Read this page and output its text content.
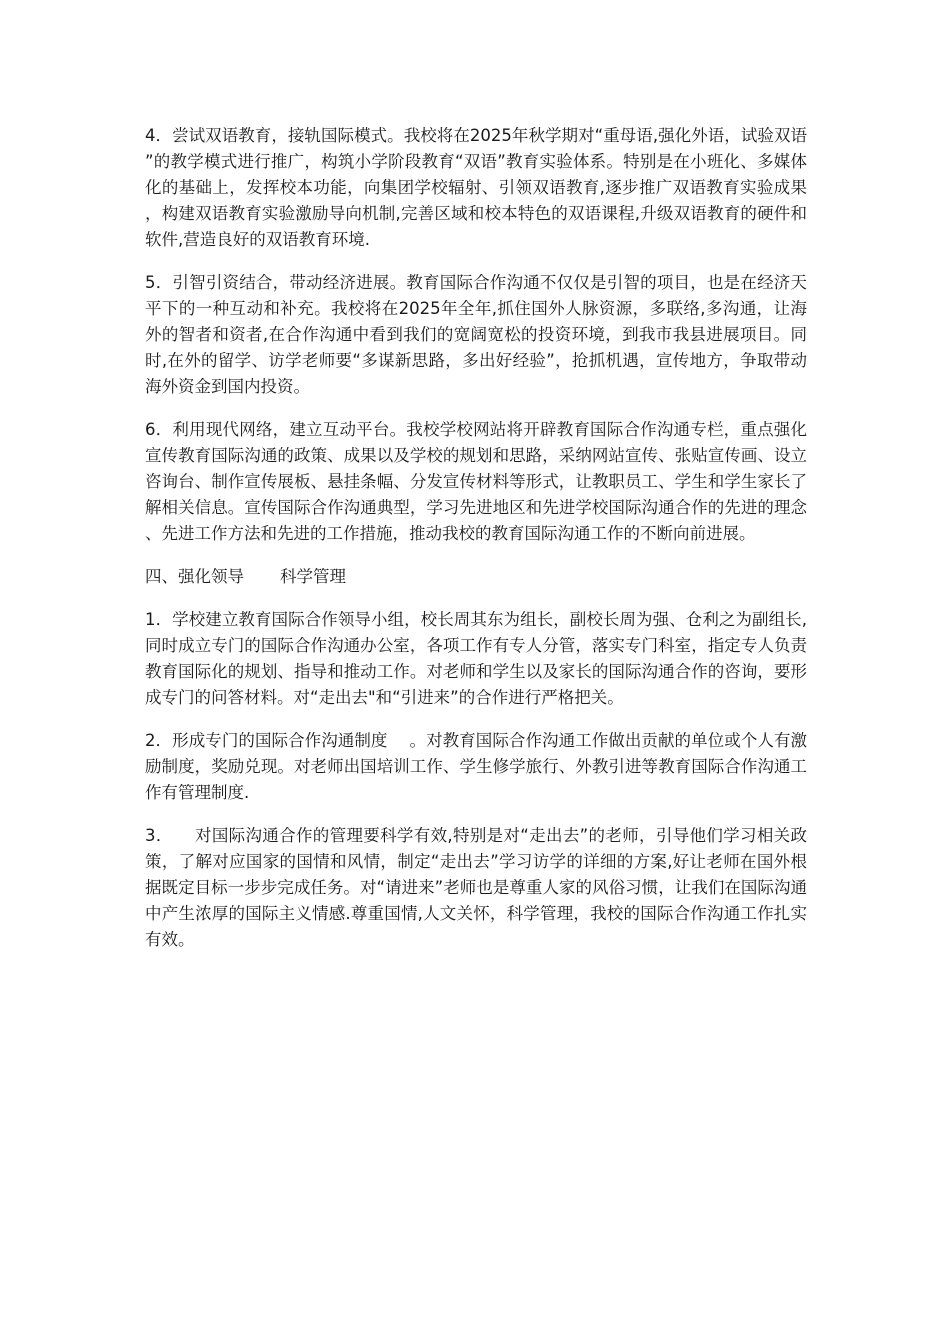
4．尝试双语教育，接轨国际模式。我校将在2025年秋学期对“重母语,强化外语，试验双语”的教学模式进行推广，构筑小学阶段教育“双语”教育实验体系。特别是在小班化、多媒体化的基础上，发挥校本功能，向集团学校辐射、引领双语教育,逐步推广双语教育实验成果，构建双语教育实验激励导向机制,完善区域和校本特色的双语课程,升级双语教育的硬件和软件,营造良好的双语教育环境.

5．引智引资结合，带动经济进展。教育国际合作沟通不仅仅是引智的项目，也是在经济天平下的一种互动和补充。我校将在2025年全年,抓住国外人脉资源，多联络,多沟通，让海外的智者和资者,在合作沟通中看到我们的宽阔宽松的投资环境，到我市我县进展项目。同时,在外的留学、访学老师要“多谋新思路，多出好经验”，抢抓机遇，宣传地方，争取带动海外资金到国内投资。

6．利用现代网络，建立互动平台。我校学校网站将开辟教育国际合作沟通专栏，重点强化宣传教育国际沟通的政策、成果以及学校的规划和思路，采纳网站宣传、张贴宣传画、设立咨询台、制作宣传展板、悬挂条幅、分发宣传材料等形式，让教职员工、学生和学生家长了解相关信息。宣传国际合作沟通典型，学习先进地区和先进学校国际沟通合作的先进的理念、先进工作方法和先进的工作措施，推动我校的教育国际沟通工作的不断向前进展。

四、强化领导 科学管理

1．学校建立教育国际合作领导小组，校长周其东为组长，副校长周为强、仓利之为副组长,同时成立专门的国际合作沟通办公室，各项工作有专人分管，落实专门科室，指定专人负责教育国际化的规划、指导和推动工作。对老师和学生以及家长的国际沟通合作的咨询，要形成专门的问答材料。对“走出去"和“引进来”的合作进行严格把关。

2．形成专门的国际合作沟通制度 。对教育国际合作沟通工作做出贡献的单位或个人有激励制度，奖励兑现。对老师出国培训工作、学生修学旅行、外教引进等教育国际合作沟通工作有管理制度.

3． 对国际沟通合作的管理要科学有效,特别是对“走出去”的老师，引导他们学习相关政策，了解对应国家的国情和风情，制定“走出去”学习访学的详细的方案,好让老师在国外根据既定目标一步步完成任务。对“请进来”老师也是尊重人家的风俗习惯，让我们在国际沟通中产生浓厚的国际主义情感.尊重国情,人文关怀，科学管理，我校的国际合作沟通工作扎实有效。
